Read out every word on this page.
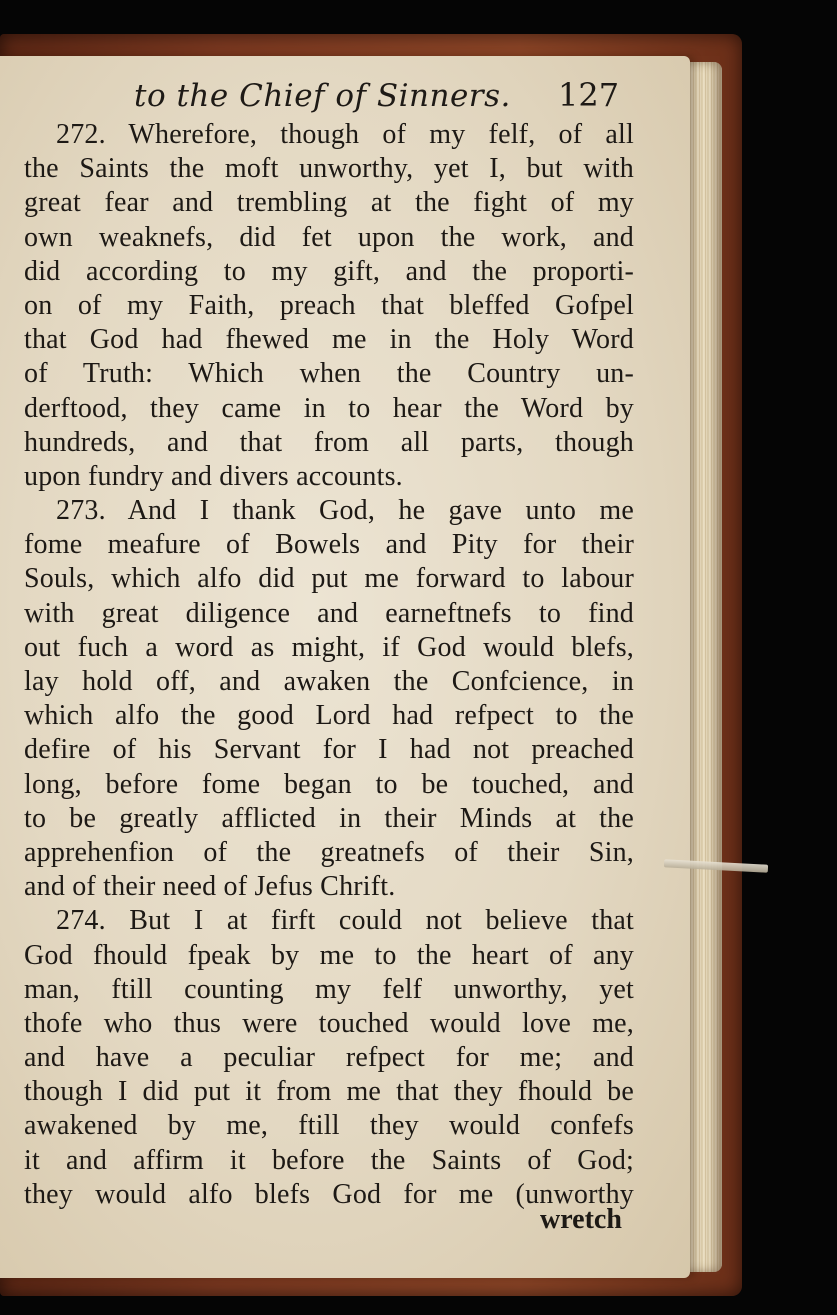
to the Chief of Sinners. 127
272. Wherefore, though of my felf, of all
the Saints the moft unworthy, yet I, but with
great fear and trembling at the fight of my
own weaknefs, did fet upon the work, and
did according to my gift, and the proporti-
on of my Faith, preach that bleffed Gofpel
that God had fhewed me in the Holy Word
of Truth: Which when the Country un-
derftood, they came in to hear the Word by
hundreds, and that from all parts, though
upon fundry and divers accounts.
273. And I thank God, he gave unto me
fome meafure of Bowels and Pity for their
Souls, which alfo did put me forward to labour
with great diligence and earneftnefs to find
out fuch a word as might, if God would blefs,
lay hold off, and awaken the Confcience, in
which alfo the good Lord had refpect to the
defire of his Servant for I had not preached
long, before fome began to be touched, and
to be greatly afflicted in their Minds at the
apprehenfion of the greatnefs of their Sin,
and of their need of Jefus Chrift.
274. But I at firft could not believe that
God fhould fpeak by me to the heart of any
man, ftill counting my felf unworthy, yet
thofe who thus were touched would love me,
and have a peculiar refpect for me; and
though I did put it from me that they fhould be
awakened by me, ftill they would confefs
it and affirm it before the Saints of God;
they would alfo blefs God for me (unworthy
wretch
